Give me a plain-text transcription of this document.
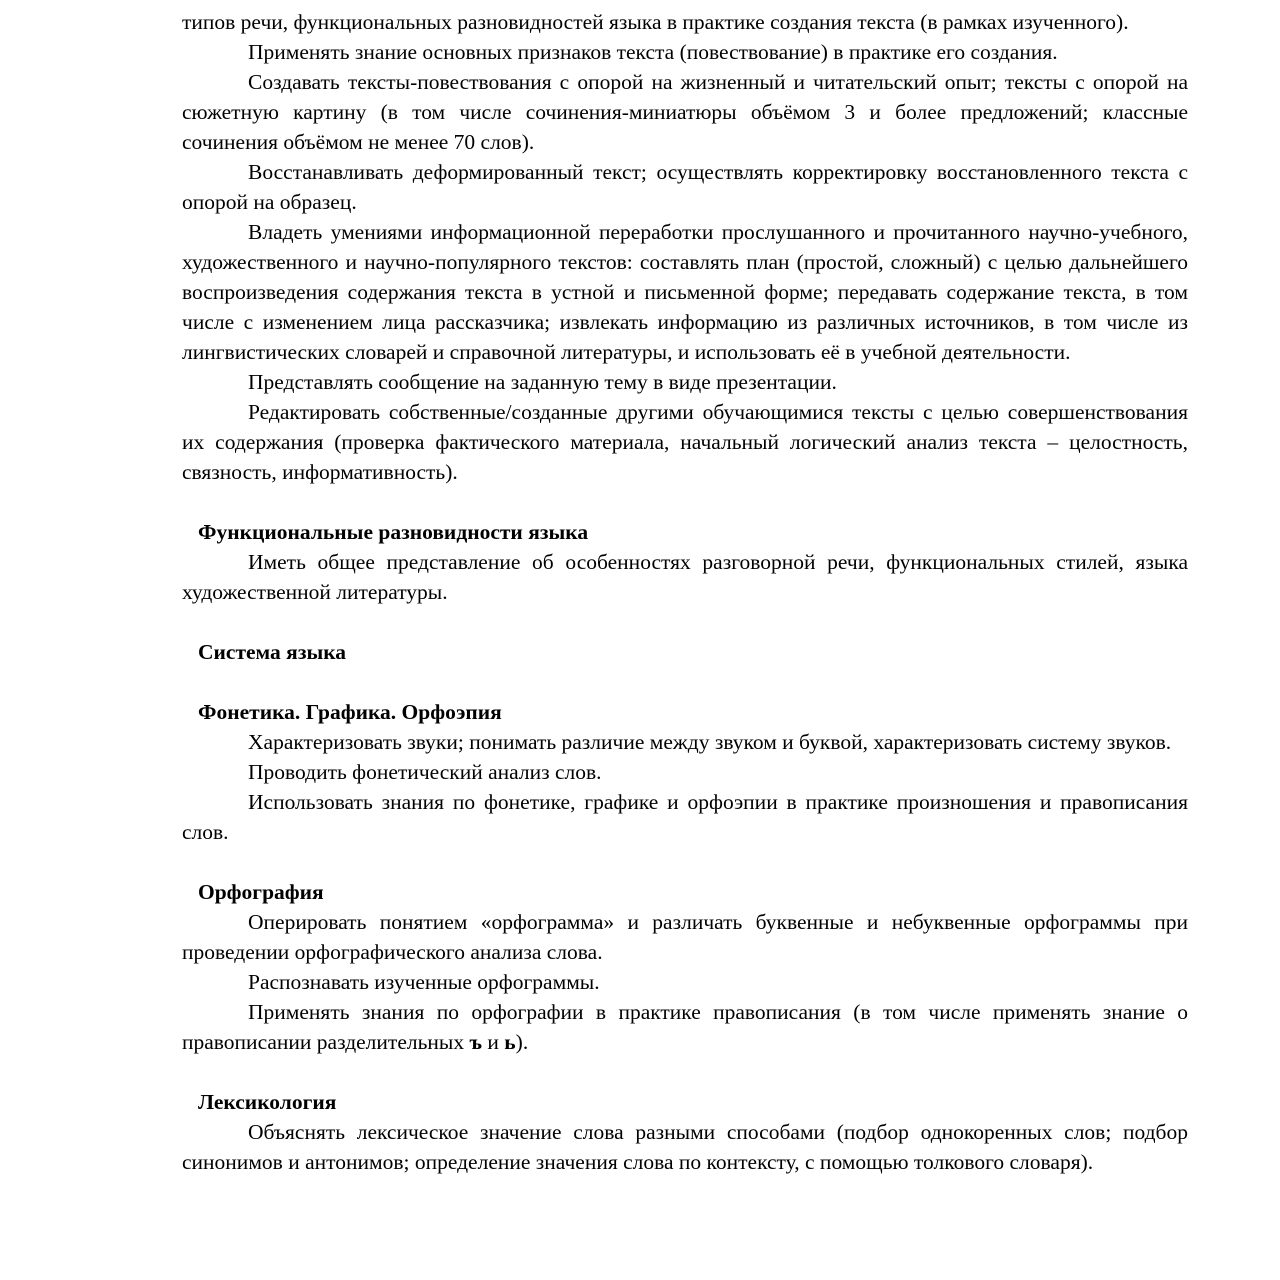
типов речи, функциональных разновидностей языка в практике создания текста (в рамках изученного).

Применять знание основных признаков текста (повествование) в практике его создания.

Создавать тексты-повествования с опорой на жизненный и читательский опыт; тексты с опорой на сюжетную картину (в том числе сочинения-миниатюры объёмом 3 и более предложений; классные сочинения объёмом не менее 70 слов).

Восстанавливать деформированный текст; осуществлять корректировку восстановленного текста с опорой на образец.

Владеть умениями информационной переработки прослушанного и прочитанного научно-учебного, художественного и научно-популярного текстов: составлять план (простой, сложный) с целью дальнейшего воспроизведения содержания текста в устной и письменной форме; передавать содержание текста, в том числе с изменением лица рассказчика; извлекать информацию из различных источников, в том числе из лингвистических словарей и справочной литературы, и использовать её в учебной деятельности.

Представлять сообщение на заданную тему в виде презентации.

Редактировать собственные/созданные другими обучающимися тексты с целью совершенствования их содержания (проверка фактического материала, начальный логический анализ текста – целостность, связность, информативность).

Функциональные разновидности языка

Иметь общее представление об особенностях разговорной речи, функциональных стилей, языка художественной литературы.

Система языка

Фонетика. Графика. Орфоэпия

Характеризовать звуки; понимать различие между звуком и буквой, характеризовать систему звуков.

Проводить фонетический анализ слов.

Использовать знания по фонетике, графике и орфоэпии в практике произношения и правописания слов.

Орфография

Оперировать понятием «орфограмма» и различать буквенные и небуквенные орфограммы при проведении орфографического анализа слова.

Распознавать изученные орфограммы.

Применять знания по орфографии в практике правописания (в том числе применять знание о правописании разделительных ъ и ь).

Лексикология

Объяснять лексическое значение слова разными способами (подбор однокоренных слов; подбор синонимов и антонимов; определение значения слова по контексту, с помощью толкового словаря).
